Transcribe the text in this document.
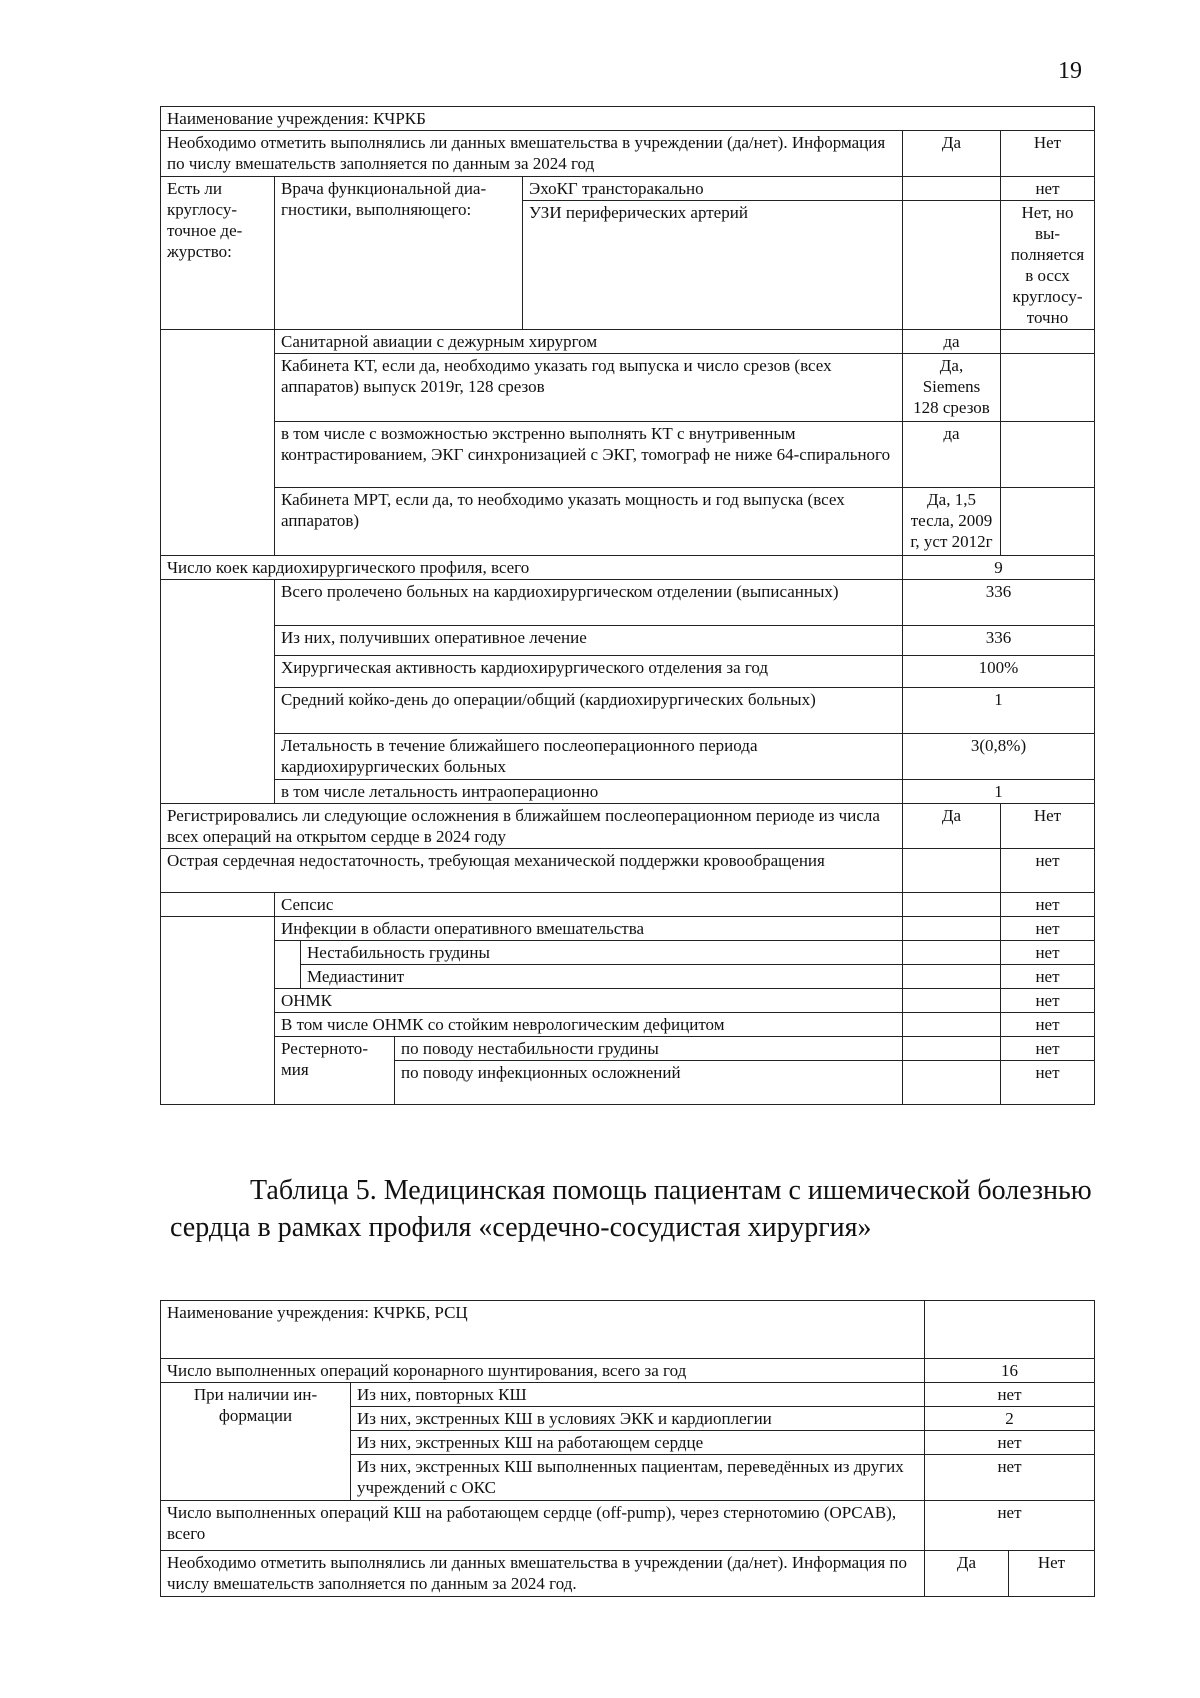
19
Наименование учреждения: КЧРКБ						
Необходимо отметить выполнялись ли данных вмешательства в учреждении (да/нет). Информация по числу вмешательств заполняется по данным за 2024 год					Да	Нет
Есть ли круглосуточное дежурство:	Врача функциональной диагностики, выполняющего:			ЭхоКГ трансторакально		нет
				УЗИ периферических артерий		Нет, но выполняется в оссх круглосуточно
	Санитарной авиации с дежурным хирургом				да	
	Кабинета КТ, если да, необходимо указать год выпуска и число срезов (всех аппаратов) выпуск 2019г, 128 срезов				Да, Siemens 128 срезов	
	в том числе с возможностью экстренно выполнять КТ с внутривенным контрастированием, ЭКГ синхронизацией с ЭКГ, томограф не ниже 64-спирального				да	
	Кабинета МРТ, если да, то необходимо указать мощность и год выпуска (всех аппаратов)				Да, 1,5 тесла, 2009 г, уст 2012г	
Число коек кардиохирургического профиля, всего					9	
	Всего пролечено больных на кардиохирургическом отделении (выписанных)				336	
	Из них, получивших оперативное лечение				336	
	Хирургическая активность кардиохирургического отделения за год				100%	
	Средний койко-день до операции/общий (кардиохирургических больных)				1	
	Летальность в течение ближайшего послеоперационного периода кардиохирургических больных				3(0,8%)	
	в том числе летальность интраоперационно				1	
Регистрировались ли следующие осложнения в ближайшем послеоперационном периоде из числа всех операций на открытом сердце в 2024 году					Да	Нет
Острая сердечная недостаточность, требующая механической поддержки кровообращения						нет
	Сепсис					нет
	Инфекции в области оперативного вмешательства					нет
		Нестабильность грудины				нет
		Медиастинит				нет
	ОНМК					нет
	В том числе ОНМК со стойким неврологическим дефицитом					нет
	Рестернотомия		по поводу нестабильности грудины			нет
			по поводу инфекционных осложнений			нет
Таблица 5. Медицинская помощь пациентам с ишемической болезнью
сердца в рамках профиля «сердечно-сосудистая хирургия»
Наименование учреждения: КЧРКБ, РСЦ			
Число выполненных операций коронарного шунтирования, всего за год		16	
При наличии информации	Из них, повторных КШ	нет	
	Из них, экстренных КШ в условиях ЭКК и кардиоплегии	2	
	Из них, экстренных КШ на работающем сердце	нет	
	Из них, экстренных КШ выполненных пациентам, переведённых из других учреждений с ОКС	нет	
Число выполненных операций КШ на работающем сердце (off-pump), через стернотомию (OPCAB), всего		нет	
Необходимо отметить выполнялись ли данных вмешательства в учреждении (да/нет). Информация по числу вмешательств заполняется по данным за 2024 год.		Да	Нет
